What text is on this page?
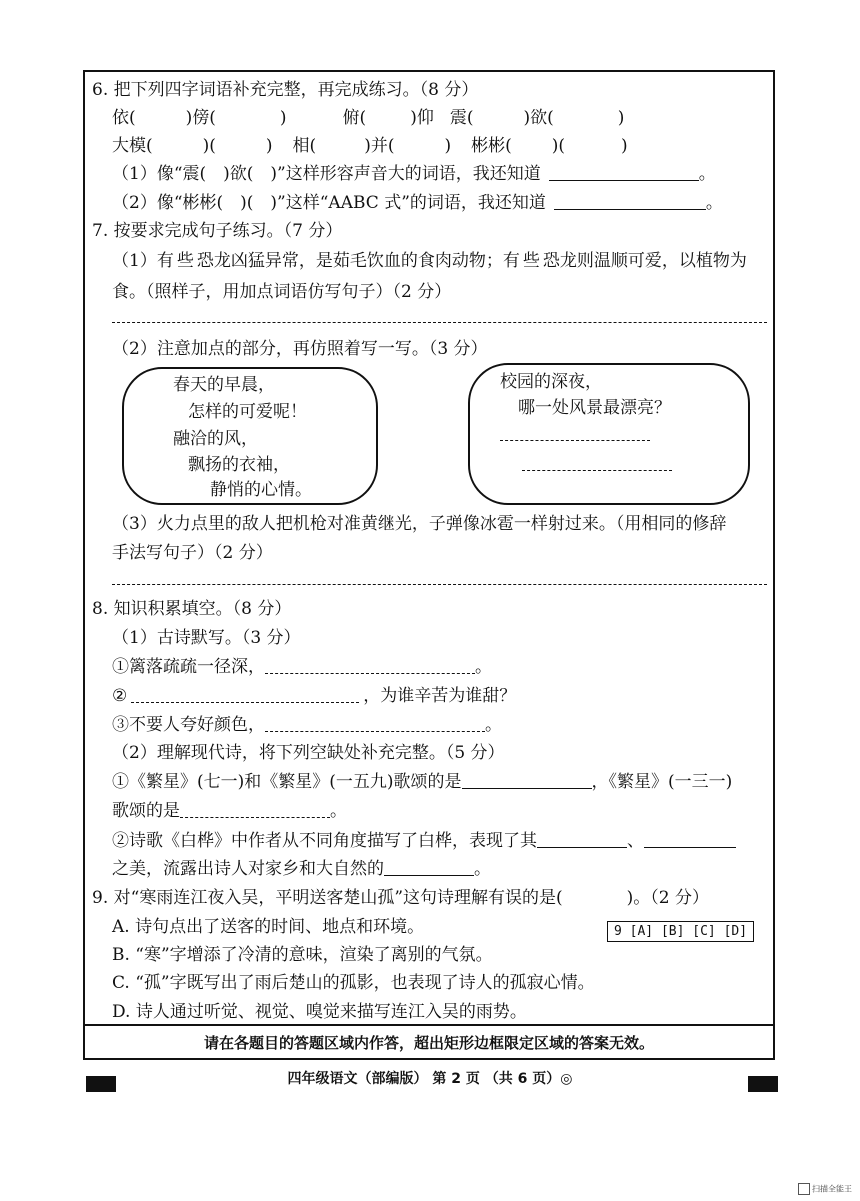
请在各题目的答题区域内作答，超出矩形边框限定区域的答案无效。
6. 把下列四字词语补充完整，再完成练习。（8 分）
依(	)傍(	)	俯(	)仰 震(	)欲(	)
大模(	)(	) 相(	)并(	) 彬彬( )(	)
（1）像“震(　)欲(　)”这样形容声音大的词语，我还知道	。
（2）像“彬彬(　)(　)”这样“AABC 式”的词语，我还知道	。
7. 按要求完成句子练习。（7 分）
（1）有些恐龙凶猛异常，是茹毛饮血的食肉动物；有些恐龙则温顺可爱，以植物为
食。（照样子，用加点词语仿写句子）（2 分）
（2）注意加点的部分，再仿照着写一写。（3 分）
春天的早晨，
怎样的可爱呢！
融洽的风，
飘扬的衣袖，
静悄的心情。
校园的深夜，
哪一处风景最漂亮？
（3）火力点里的敌人把机枪对准黄继光，子弹像冰雹一样射过来。（用相同的修辞
手法写句子）（2 分）
8. 知识积累填空。（8 分）
（1）古诗默写。（3 分）
①篱落疏疏一径深，	。
②	，为谁辛苦为谁甜？
③不要人夸好颜色，	。
（2）理解现代诗，将下列空缺处补充完整。（5 分）
①《繁星》(七一)和《繁星》(一五九)歌颂的是	，《繁星》(一三一)
歌颂的是	。
②诗歌《白桦》中作者从不同角度描写了白桦，表现了其	、
之美，流露出诗人对家乡和大自然的	。
9. 对“寒雨连江夜入吴，平明送客楚山孤”这句诗理解有误的是(	)。（2 分）
A. 诗句点出了送客的时间、地点和环境。
B. “寒”字增添了冷清的意味，渲染了离别的气氛。
C. “孤”字既写出了雨后楚山的孤影，也表现了诗人的孤寂心情。
D. 诗人通过听觉、视觉、嗅觉来描写连江入吴的雨势。
9 [A] [B] [C] [D]
四年级语文（部编版） 第 2 页 （共 6 页）◎
扫描全能王
